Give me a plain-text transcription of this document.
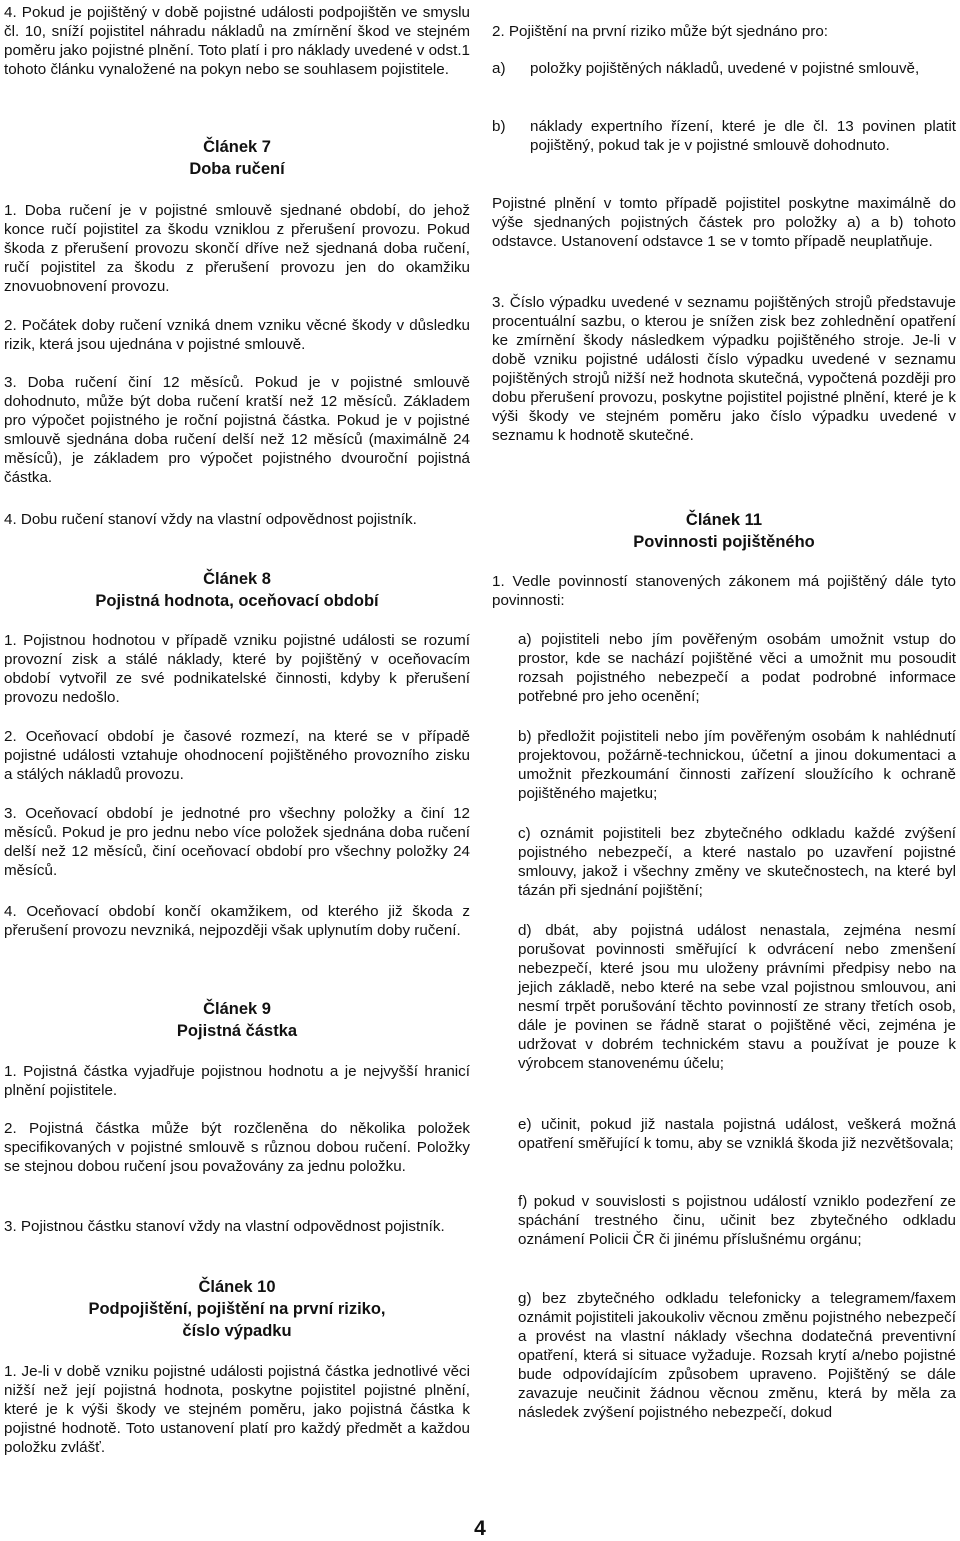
4. Pokud je pojištěný v době pojistné události podpojištěn ve smyslu čl. 10, sníží pojistitel náhradu nákladů na zmírnění škod ve stejném poměru jako pojistné plnění. Toto platí i pro náklady uvedené v odst.1 tohoto článku vynaložené na pokyn nebo se souhlasem pojistitele.

Článek 7
Doba ručení

1. Doba ručení je v pojistné smlouvě sjednané období, do jehož konce ručí pojistitel za škodu vzniklou z přerušení provozu. Pokud škoda z přerušení provozu skončí dříve než sjednaná doba ručení, ručí pojistitel za škodu z přerušení provozu jen do okamžiku znovuobnovení provozu.

2. Počátek doby ručení vzniká dnem vzniku věcné škody v důsledku rizik, která jsou ujednána v pojistné smlouvě.

3. Doba ručení činí 12 měsíců. Pokud je v pojistné smlouvě dohodnuto, může být doba ručení kratší než 12 měsíců. Základem pro výpočet pojistného je roční pojistná částka. Pokud je v pojistné smlouvě sjednána doba ručení delší než 12 měsíců (maximálně 24 měsíců), je základem pro výpočet pojistného dvouroční pojistná částka.

4. Dobu ručení stanoví vždy na vlastní odpovědnost pojistník.

Článek 8
Pojistná hodnota, oceňovací období

1. Pojistnou hodnotou v případě vzniku pojistné události se rozumí provozní zisk a stálé náklady, které by pojištěný v oceňovacím období vytvořil ze své podnikatelské činnosti, kdyby k přerušení provozu nedošlo.

2. Oceňovací období je časové rozmezí, na které se v případě pojistné události vztahuje ohodnocení pojištěného provozního zisku a stálých nákladů provozu.

3. Oceňovací období je jednotné pro všechny položky a činí 12 měsíců. Pokud je pro jednu nebo více položek sjednána doba ručení delší než 12 měsíců, činí oceňovací období pro všechny položky 24 měsíců.

4. Oceňovací období končí okamžikem, od kterého již škoda z přerušení provozu nevzniká, nejpozději však uplynutím doby ručení.

Článek 9
Pojistná částka

1. Pojistná částka vyjadřuje pojistnou hodnotu a je nejvyšší hranicí plnění pojistitele.

2. Pojistná částka může být rozčleněna do několika položek specifikovaných v pojistné smlouvě s různou dobou ručení. Položky se stejnou dobou ručení jsou považovány za jednu položku.

3. Pojistnou částku stanoví vždy na vlastní odpovědnost pojistník.

Článek 10
Podpojištění, pojištění na první riziko,
číslo výpadku

1. Je-li v době vzniku pojistné události pojistná částka jednotlivé věci nižší než její pojistná hodnota, poskytne pojistitel pojistné plnění, které je k výši škody ve stejném poměru, jako pojistná částka k pojistné hodnotě. Toto ustanovení platí pro každý předmět a každou položku zvlášť.

2. Pojištění na první riziko může být sjednáno pro:

a)	položky pojištěných nákladů, uvedené v pojistné smlouvě,

b)	náklady expertního řízení, které je dle čl. 13 povinen platit pojištěný, pokud tak je v pojistné smlouvě dohodnuto.

Pojistné plnění v tomto případě pojistitel poskytne maximálně do výše sjednaných pojistných částek pro položky a) a b) tohoto odstavce. Ustanovení odstavce 1 se v tomto případě neuplatňuje.

3. Číslo výpadku uvedené v seznamu pojištěných strojů představuje procentuální sazbu, o kterou je snížen zisk bez zohlednění opatření ke zmírnění škody následkem výpadku pojištěného stroje. Je-li v době vzniku pojistné události číslo výpadku uvedené v seznamu pojištěných strojů nižší než hodnota skutečná, vypočtená později pro dobu přerušení provozu, poskytne pojistitel pojistné plnění, které je k výši škody ve stejném poměru jako číslo výpadku uvedené v seznamu k hodnotě skutečné.

Článek 11
Povinnosti pojištěného

1. Vedle povinností stanovených zákonem má pojištěný dále tyto povinnosti:

a) pojistiteli nebo jím pověřeným osobám umožnit vstup do prostor, kde se nachází pojištěné věci a umožnit mu posoudit rozsah pojistného nebezpečí a podat podrobné informace potřebné pro jeho ocenění;

b) předložit pojistiteli nebo jím pověřeným osobám k nahlédnutí projektovou, požárně-technickou, účetní a jinou dokumentaci a umožnit přezkoumání činnosti zařízení sloužícího k ochraně pojištěného majetku;

c) oznámit pojistiteli bez zbytečného odkladu každé zvýšení pojistného nebezpečí, a které nastalo po uzavření pojistné smlouvy, jakož i všechny změny ve skutečnostech, na které byl tázán při sjednání pojištění;

d) dbát, aby pojistná událost nenastala, zejména nesmí porušovat povinnosti směřující k odvrácení nebo zmenšení nebezpečí, které jsou mu uloženy právními předpisy nebo na jejich základě, nebo které na sebe vzal pojistnou smlouvou, ani nesmí trpět porušování těchto povinností ze strany třetích osob, dále je povinen se řádně starat o pojištěné věci, zejména je udržovat v dobrém technickém stavu a používat je pouze k výrobcem stanovenému účelu;

e) učinit, pokud již nastala pojistná událost, veškerá možná opatření směřující k tomu, aby se vzniklá škoda již nezvětšovala;

f) pokud v souvislosti s pojistnou událostí vzniklo podezření ze spáchání trestného činu, učinit bez zbytečného odkladu oznámení Policii ČR či jinému příslušnému orgánu;

g) bez zbytečného odkladu telefonicky a telegramem/faxem oznámit pojistiteli jakoukoliv věcnou změnu pojistného nebezpečí a provést na vlastní náklady všechna dodatečná preventivní opatření, která si situace vyžaduje. Rozsah krytí a/nebo pojistné bude odpovídajícím způsobem upraveno. Pojištěný se dále zavazuje neučinit žádnou věcnou změnu, která by měla za následek zvýšení pojistného nebezpečí, dokud

4
